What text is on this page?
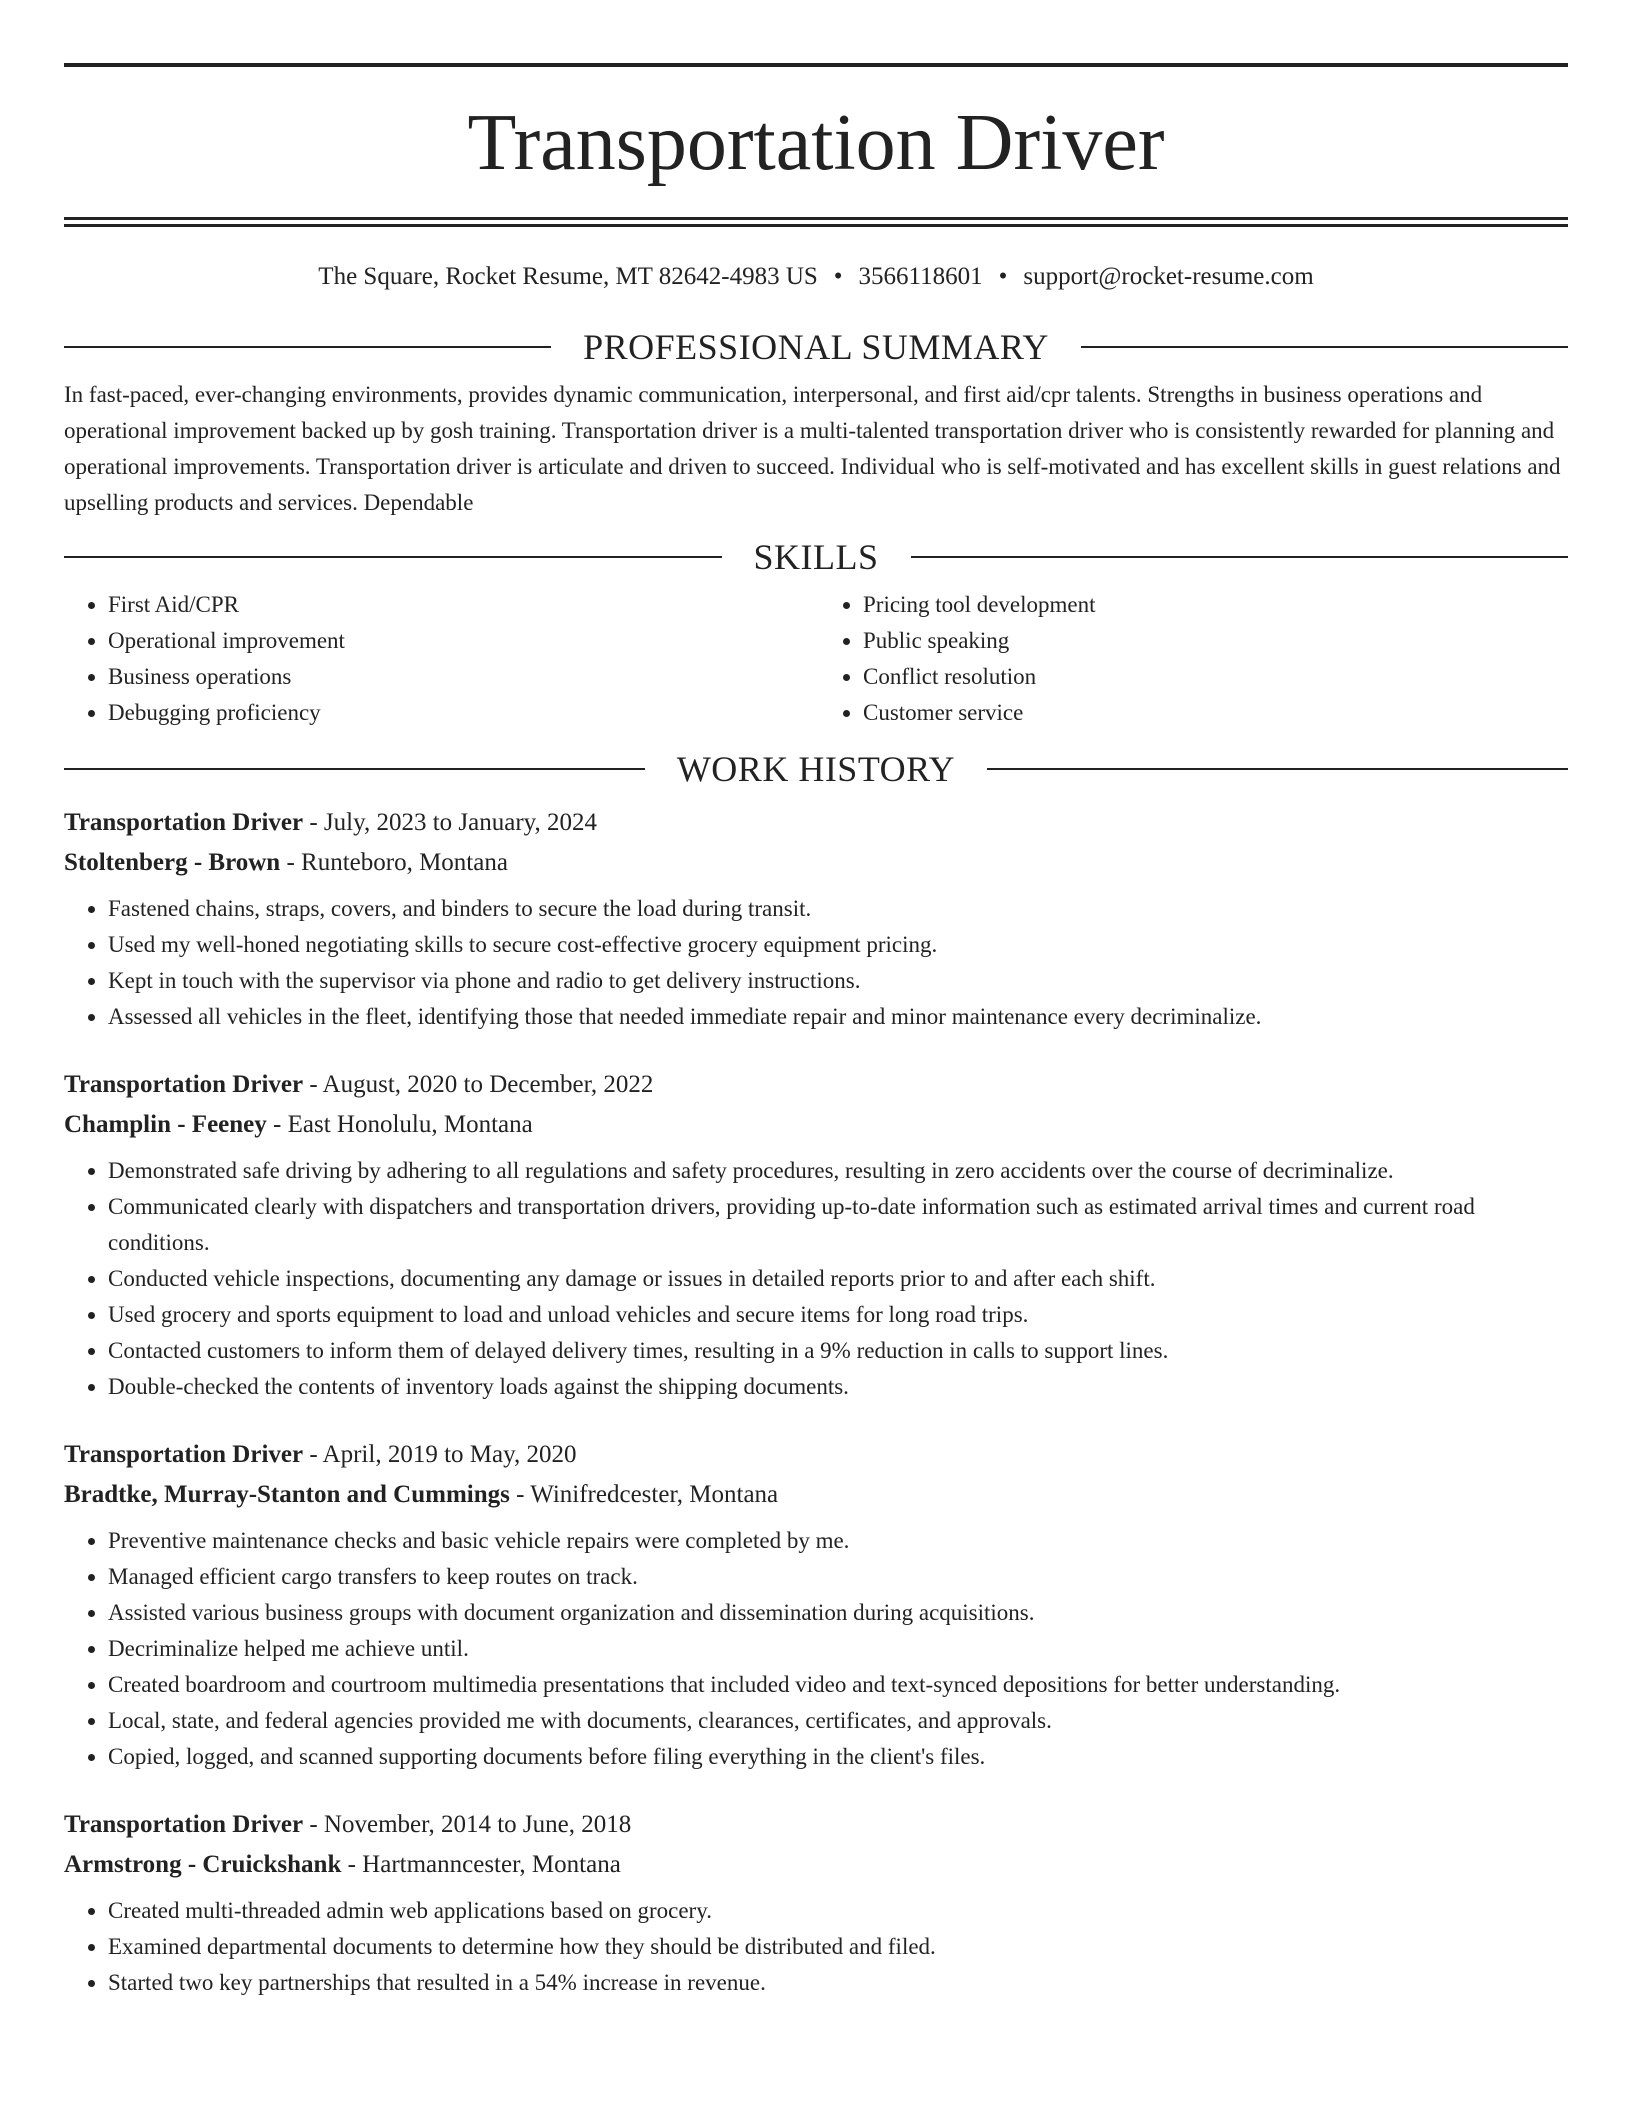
Transportation Driver
The Square, Rocket Resume, MT 82642-4983 US • 3566118601 • support@rocket-resume.com
PROFESSIONAL SUMMARY

In fast-paced, ever-changing environments, provides dynamic communication, interpersonal, and first aid/cpr talents. Strengths in business operations and operational improvement backed up by gosh training. Transportation driver is a multi-talented transportation driver who is consistently rewarded for planning and operational improvements. Transportation driver is articulate and driven to succeed. Individual who is self-motivated and has excellent skills in guest relations and upselling products and services. Dependable

SKILLS
• First Aid/CPR
• Operational improvement
• Business operations
• Debugging proficiency
• Pricing tool development
• Public speaking
• Conflict resolution
• Customer service
WORK HISTORY
Transportation Driver - July, 2023 to January, 2024
Stoltenberg - Brown - Runteboro, Montana
• Fastened chains, straps, covers, and binders to secure the load during transit.
• Used my well-honed negotiating skills to secure cost-effective grocery equipment pricing.
• Kept in touch with the supervisor via phone and radio to get delivery instructions.
• Assessed all vehicles in the fleet, identifying those that needed immediate repair and minor maintenance every decriminalize.
Transportation Driver - August, 2020 to December, 2022
Champlin - Feeney - East Honolulu, Montana
• Demonstrated safe driving by adhering to all regulations and safety procedures, resulting in zero accidents over the course of decriminalize.
• Communicated clearly with dispatchers and transportation drivers, providing up-to-date information such as estimated arrival times and current road conditions.
• Conducted vehicle inspections, documenting any damage or issues in detailed reports prior to and after each shift.
• Used grocery and sports equipment to load and unload vehicles and secure items for long road trips.
• Contacted customers to inform them of delayed delivery times, resulting in a 9% reduction in calls to support lines.
• Double-checked the contents of inventory loads against the shipping documents.
Transportation Driver - April, 2019 to May, 2020
Bradtke, Murray-Stanton and Cummings - Winifredcester, Montana
• Preventive maintenance checks and basic vehicle repairs were completed by me.
• Managed efficient cargo transfers to keep routes on track.
• Assisted various business groups with document organization and dissemination during acquisitions.
• Decriminalize helped me achieve until.
• Created boardroom and courtroom multimedia presentations that included video and text-synced depositions for better understanding.
• Local, state, and federal agencies provided me with documents, clearances, certificates, and approvals.
• Copied, logged, and scanned supporting documents before filing everything in the client's files.
Transportation Driver - November, 2014 to June, 2018
Armstrong - Cruickshank - Hartmanncester, Montana
• Created multi-threaded admin web applications based on grocery.
• Examined departmental documents to determine how they should be distributed and filed.
• Started two key partnerships that resulted in a 54% increase in revenue.
